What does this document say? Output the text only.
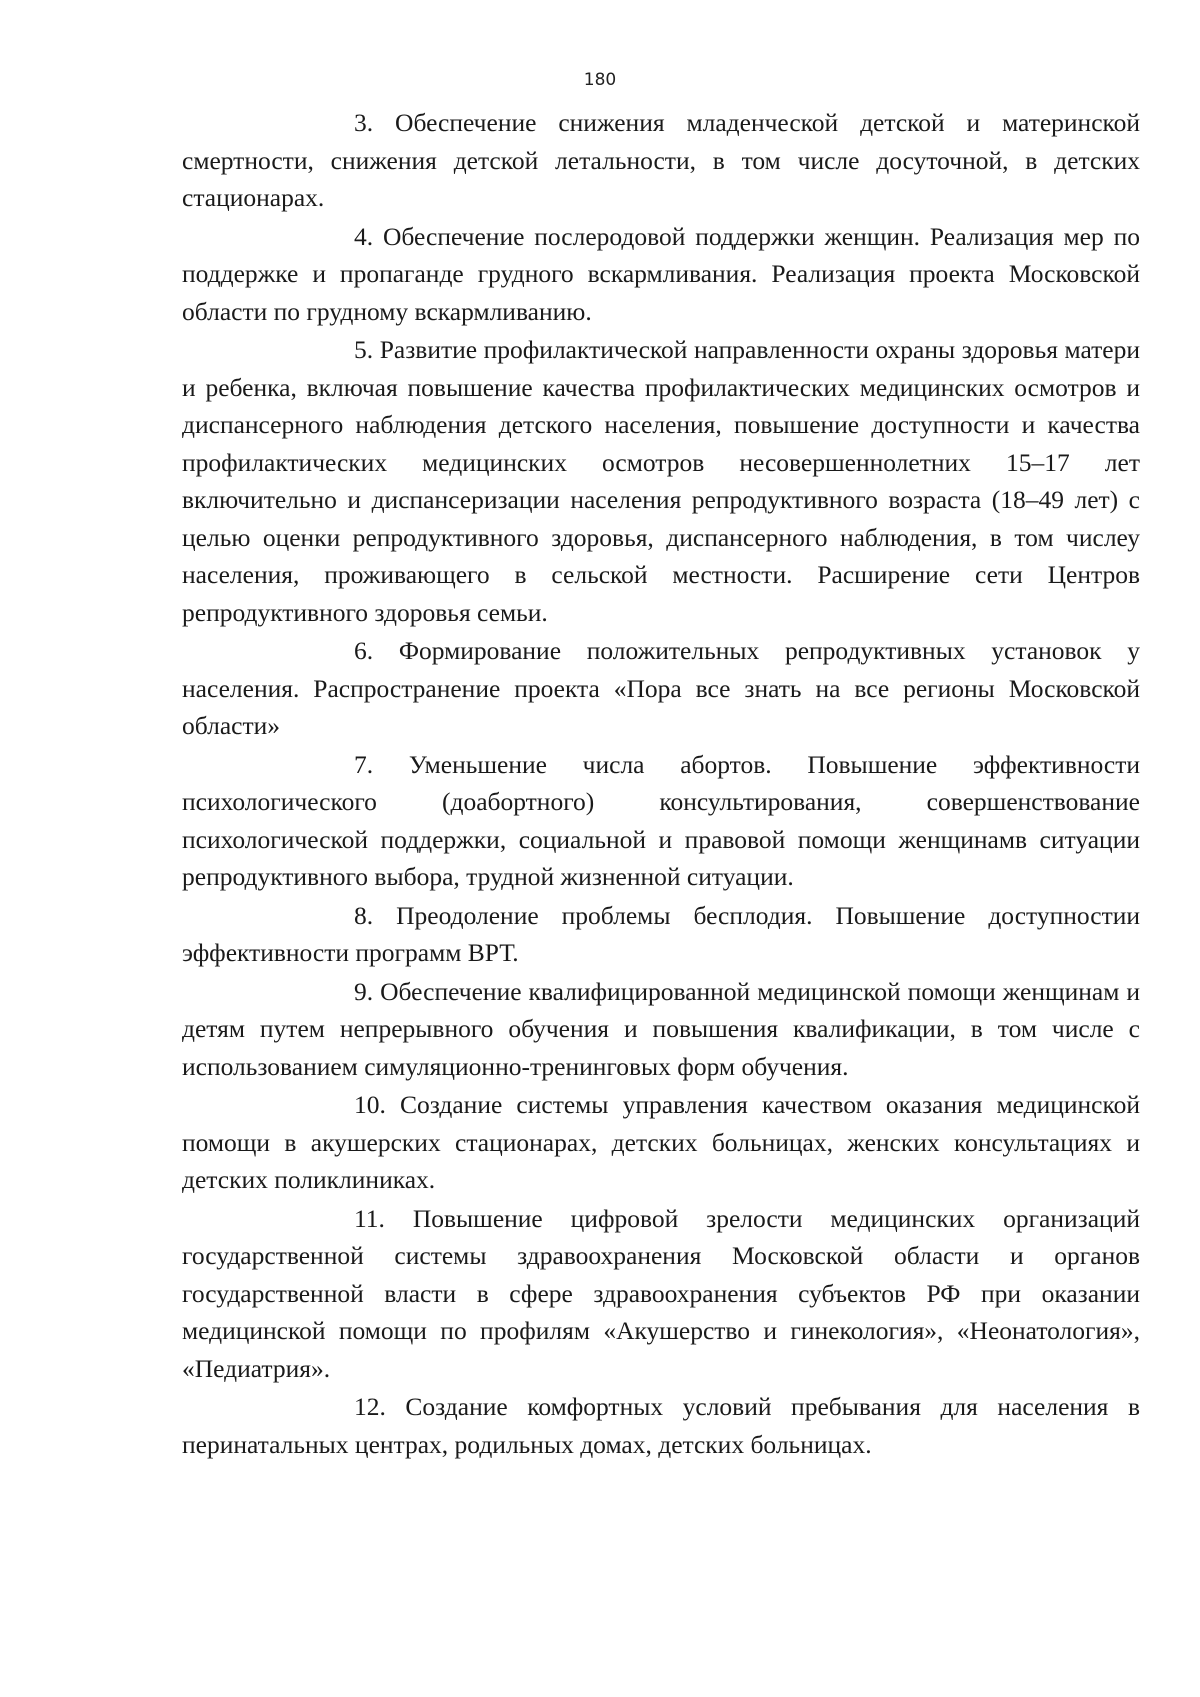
180

3. Обеспечение снижения младенческой детской и материнской смертности, снижения детской летальности, в том числе досуточной, в детских стационарах.

4. Обеспечение послеродовой поддержки женщин. Реализация мер по поддержке и пропаганде грудного вскармливания. Реализация проекта Московской области по грудному вскармливанию.

5. Развитие профилактической направленности охраны здоровья матери и ребенка, включая повышение качества профилактических медицинских осмотров и диспансерного наблюдения детского населения, повышение доступности и качества профилактических медицинских осмотров несовершеннолетних 15–17 лет включительно и диспансеризации населения репродуктивного возраста (18–49 лет) с целью оценки репродуктивного здоровья, диспансерного наблюдения, в том числеу населения, проживающего в сельской местности. Расширение сети Центров репродуктивного здоровья семьи.

6. Формирование положительных репродуктивных установок у населения. Распространение проекта «Пора все знать на все регионы Московской области»

7. Уменьшение числа абортов. Повышение эффективности психологического (доабортного) консультирования, совершенствование психологической поддержки, социальной и правовой помощи женщинамв ситуации репродуктивного выбора, трудной жизненной ситуации.

8. Преодоление проблемы бесплодия. Повышение доступностии эффективности программ ВРТ.

9. Обеспечение квалифицированной медицинской помощи женщинам и детям путем непрерывного обучения и повышения квалификации, в том числе с использованием симуляционно-тренинговых форм обучения.

10. Создание системы управления качеством оказания медицинской помощи в акушерских стационарах, детских больницах, женских консультациях и детских поликлиниках.

11. Повышение цифровой зрелости медицинских организаций государственной системы здравоохранения Московской области и органов государственной власти в сфере здравоохранения субъектов РФ при оказании медицинской помощи по профилям «Акушерство и гинекология», «Неонатология», «Педиатрия».

12. Создание комфортных условий пребывания для населения в перинатальных центрах, родильных домах, детских больницах.
